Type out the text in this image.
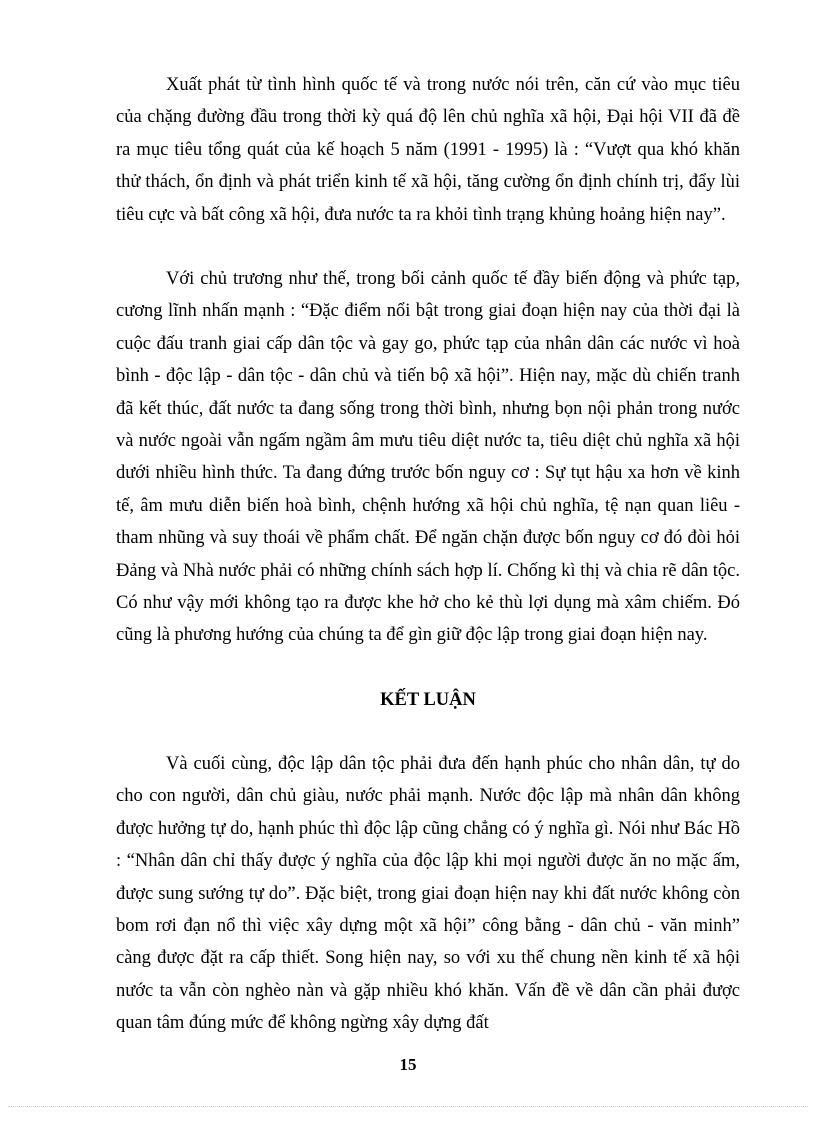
Xuất phát từ tình hình quốc tế và trong nước nói trên, căn cứ vào mục tiêu của chặng đường đầu trong thời kỳ quá độ lên chủ nghĩa xã hội, Đại hội VII đã đề ra mục tiêu tổng quát của kế hoạch 5 năm (1991 - 1995) là : “Vượt qua khó khăn thử thách, ổn định và phát triển kinh tế xã hội, tăng cường ổn định chính trị, đẩy lùi tiêu cực và bất công xã hội, đưa nước ta ra khỏi tình trạng khủng hoảng hiện nay”.

Với chủ trương như thế, trong bối cảnh quốc tế đầy biến động và phức tạp, cương lĩnh nhấn mạnh : “Đặc điểm nổi bật trong giai đoạn hiện nay của thời đại là cuộc đấu tranh giai cấp dân tộc và gay go, phức tạp của nhân dân các nước vì hoà bình - độc lập - dân tộc - dân chủ và tiến bộ xã hội”. Hiện nay, mặc dù chiến tranh đã kết thúc, đất nước ta đang sống trong thời bình, nhưng bọn nội phản trong nước và nước ngoài vẫn ngấm ngầm âm mưu tiêu diệt nước ta, tiêu diệt chủ nghĩa xã hội dưới nhiều hình thức. Ta đang đứng trước bốn nguy cơ : Sự tụt hậu xa hơn về kinh tế, âm mưu diễn biến hoà bình, chệnh hướng xã hội chủ nghĩa, tệ nạn quan liêu - tham nhũng và suy thoái về phẩm chất. Để ngăn chặn được bốn nguy cơ đó đòi hỏi Đảng và Nhà nước phải có những chính sách hợp lí. Chống kì thị và chia rẽ dân tộc. Có như vậy mới không tạo ra được khe hở cho kẻ thù lợi dụng mà xâm chiếm. Đó cũng là phương hướng của chúng ta để gìn giữ độc lập trong giai đoạn hiện nay.

KẾT LUẬN

Và cuối cùng, độc lập dân tộc phải đưa đến hạnh phúc cho nhân dân, tự do cho con người, dân chủ giàu, nước phải mạnh. Nước độc lập mà nhân dân không được hưởng tự do, hạnh phúc thì độc lập cũng chẳng có ý nghĩa gì. Nói như Bác Hồ : “Nhân dân chỉ thấy được ý nghĩa của độc lập khi mọi người được ăn no mặc ấm, được sung sướng tự do”. Đặc biệt, trong giai đoạn hiện nay khi đất nước không còn bom rơi đạn nổ thì việc xây dựng một xã hội” công bằng - dân chủ - văn minh” càng được đặt ra cấp thiết. Song hiện nay, so với xu thế chung nền kinh tế xã hội nước ta vẫn còn nghèo nàn và gặp nhiều khó khăn. Vấn đề về dân cần phải được quan tâm đúng mức để không ngừng xây dựng đất

15
